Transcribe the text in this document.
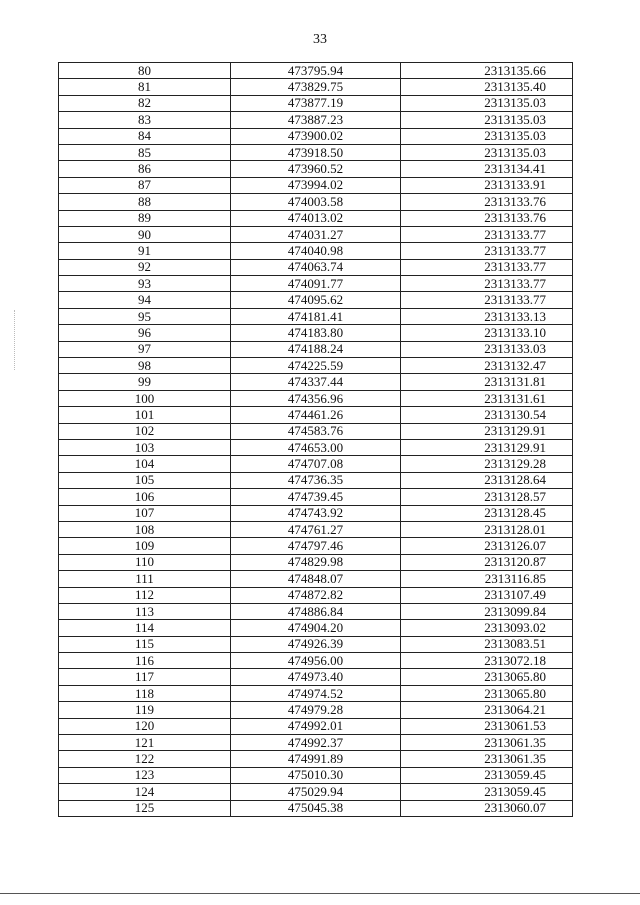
33
80	473795.94	2313135.66
81	473829.75	2313135.40
82	473877.19	2313135.03
83	473887.23	2313135.03
84	473900.02	2313135.03
85	473918.50	2313135.03
86	473960.52	2313134.41
87	473994.02	2313133.91
88	474003.58	2313133.76
89	474013.02	2313133.76
90	474031.27	2313133.77
91	474040.98	2313133.77
92	474063.74	2313133.77
93	474091.77	2313133.77
94	474095.62	2313133.77
95	474181.41	2313133.13
96	474183.80	2313133.10
97	474188.24	2313133.03
98	474225.59	2313132.47
99	474337.44	2313131.81
100	474356.96	2313131.61
101	474461.26	2313130.54
102	474583.76	2313129.91
103	474653.00	2313129.91
104	474707.08	2313129.28
105	474736.35	2313128.64
106	474739.45	2313128.57
107	474743.92	2313128.45
108	474761.27	2313128.01
109	474797.46	2313126.07
110	474829.98	2313120.87
111	474848.07	2313116.85
112	474872.82	2313107.49
113	474886.84	2313099.84
114	474904.20	2313093.02
115	474926.39	2313083.51
116	474956.00	2313072.18
117	474973.40	2313065.80
118	474974.52	2313065.80
119	474979.28	2313064.21
120	474992.01	2313061.53
121	474992.37	2313061.35
122	474991.89	2313061.35
123	475010.30	2313059.45
124	475029.94	2313059.45
125	475045.38	2313060.07
